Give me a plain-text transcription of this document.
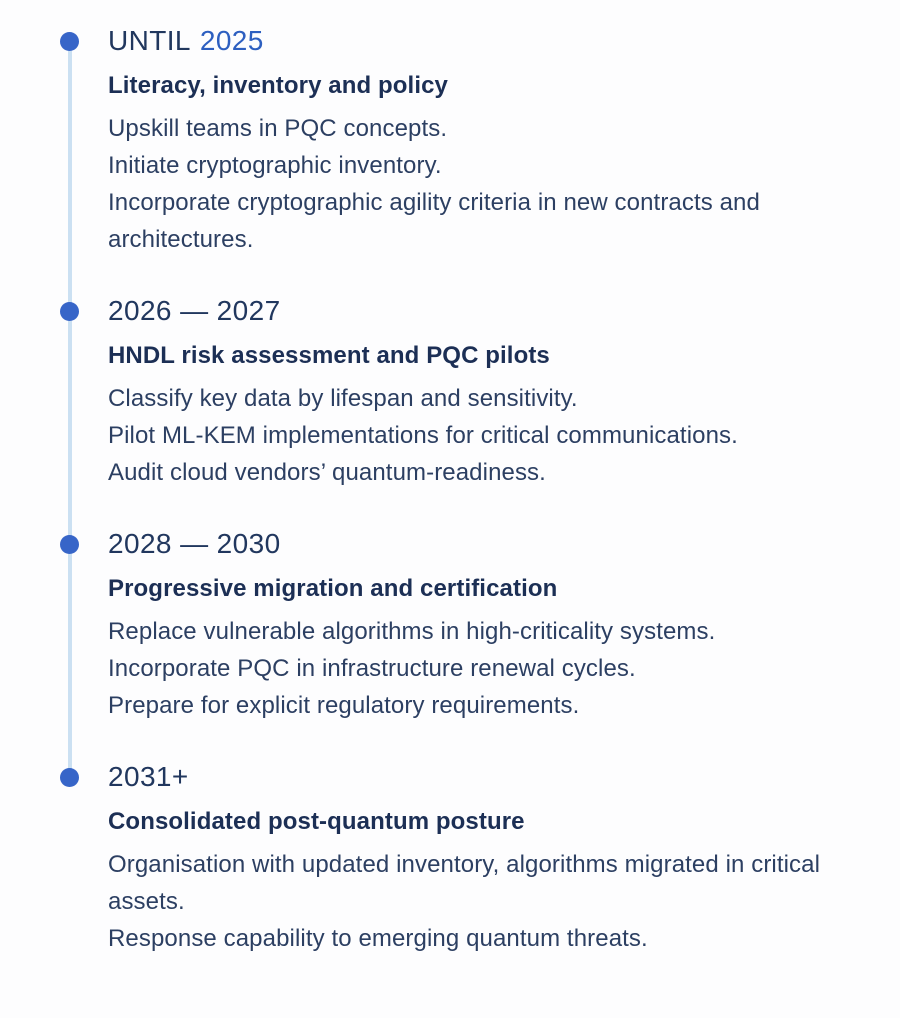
UNTIL 2025
Literacy, inventory and policy
Upskill teams in PQC concepts.
Initiate cryptographic inventory.
Incorporate cryptographic agility criteria in new contracts and architectures.
2026 — 2027
HNDL risk assessment and PQC pilots
Classify key data by lifespan and sensitivity.
Pilot ML-KEM implementations for critical communications.
Audit cloud vendors’ quantum-readiness.
2028 — 2030
Progressive migration and certification
Replace vulnerable algorithms in high-criticality systems.
Incorporate PQC in infrastructure renewal cycles.
Prepare for explicit regulatory requirements.
2031+
Consolidated post-quantum posture
Organisation with updated inventory, algorithms migrated in critical assets.
Response capability to emerging quantum threats.
